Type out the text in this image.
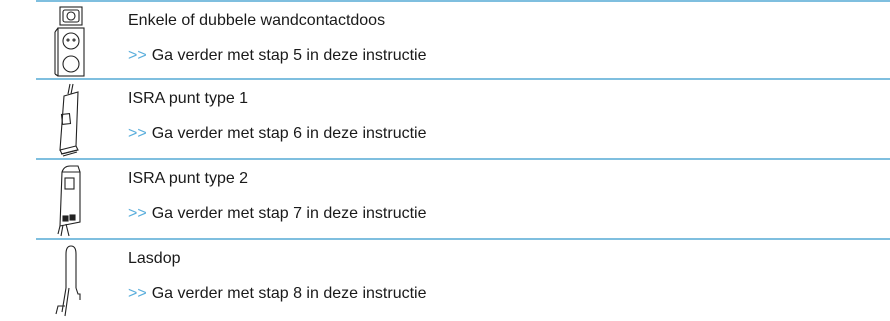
Enkele of dubbele wandcontactdoos
>> Ga verder met stap 5 in deze instructie
ISRA punt type 1
>> Ga verder met stap 6 in deze instructie
ISRA punt type 2
>> Ga verder met stap 7 in deze instructie
Lasdop
>> Ga verder met stap 8 in deze instructie
